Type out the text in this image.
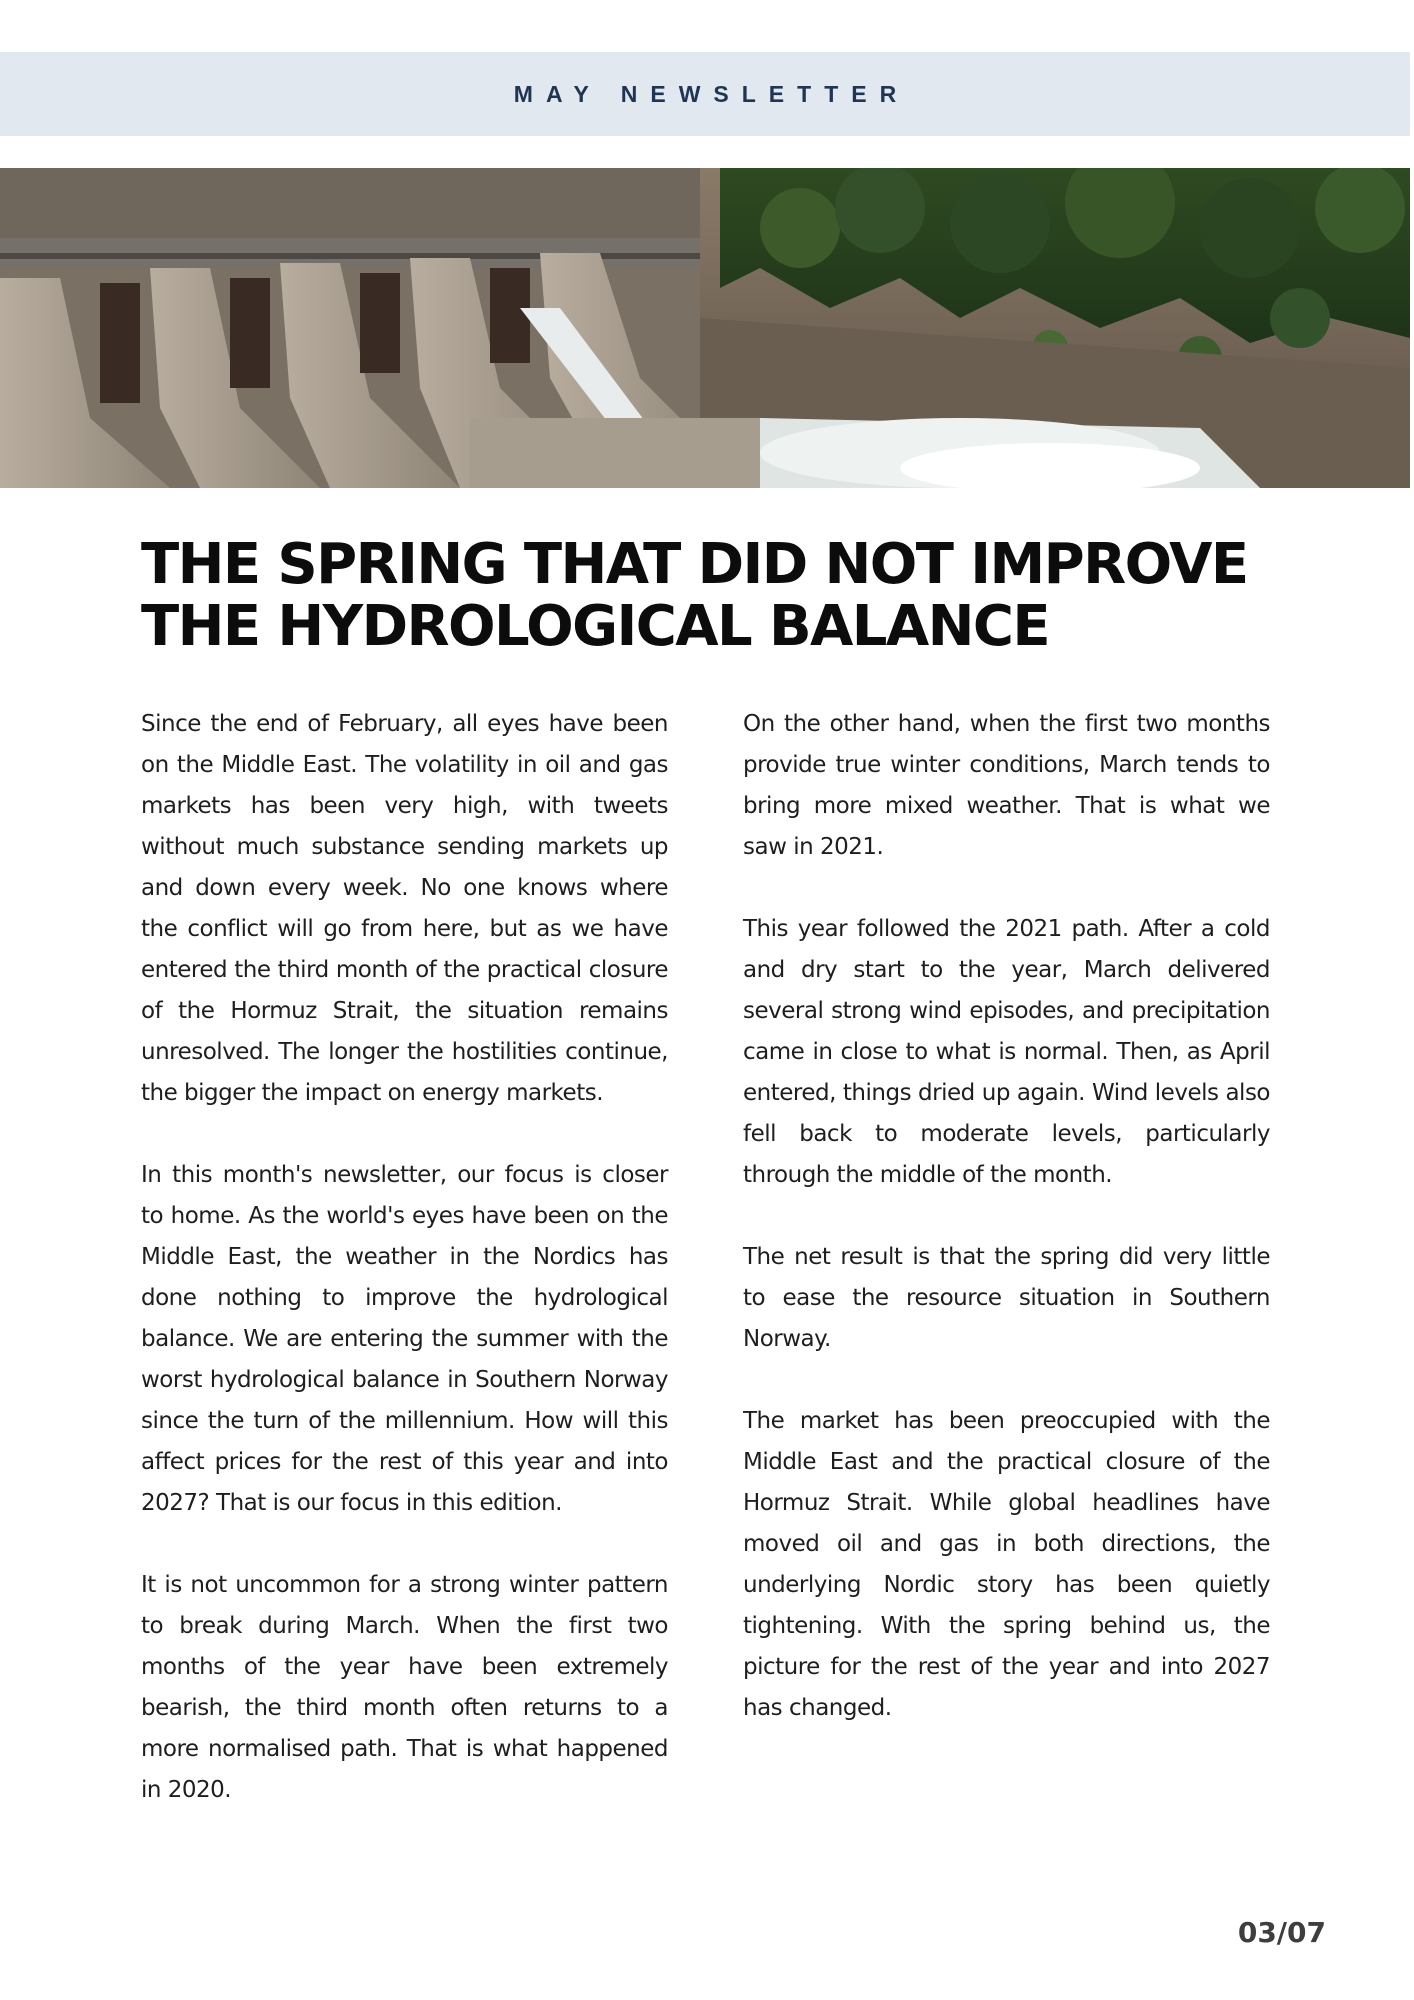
MAY NEWSLETTER
THE SPRING THAT DID NOT IMPROVE
THE HYDROLOGICAL BALANCE

Since the end of February, all eyes have been on the Middle East. The volatility in oil and gas markets has been very high, with tweets without much substance sending markets up and down every week. No one knows where the conflict will go from here, but as we have entered the third month of the practical closure of the Hormuz Strait, the situation remains unresolved. The longer the hostilities continue, the bigger the impact on energy markets.

In this month's newsletter, our focus is closer to home. As the world's eyes have been on the Middle East, the weather in the Nordics has done nothing to improve the hydrological balance. We are entering the summer with the worst hydrological balance in Southern Norway since the turn of the millennium. How will this affect prices for the rest of this year and into 2027? That is our focus in this edition.

It is not uncommon for a strong winter pattern to break during March. When the first two months of the year have been extremely bearish, the third month often returns to a more normalised path. That is what happened in 2020.

On the other hand, when the first two months provide true winter conditions, March tends to bring more mixed weather. That is what we saw in 2021.

This year followed the 2021 path. After a cold and dry start to the year, March delivered several strong wind episodes, and precipitation came in close to what is normal. Then, as April entered, things dried up again. Wind levels also fell back to moderate levels, particularly through the middle of the month.

The net result is that the spring did very little to ease the resource situation in Southern Norway.

The market has been preoccupied with the Middle East and the practical closure of the Hormuz Strait. While global headlines have moved oil and gas in both directions, the underlying Nordic story has been quietly tightening. With the spring behind us, the picture for the rest of the year and into 2027 has changed.

03/07
